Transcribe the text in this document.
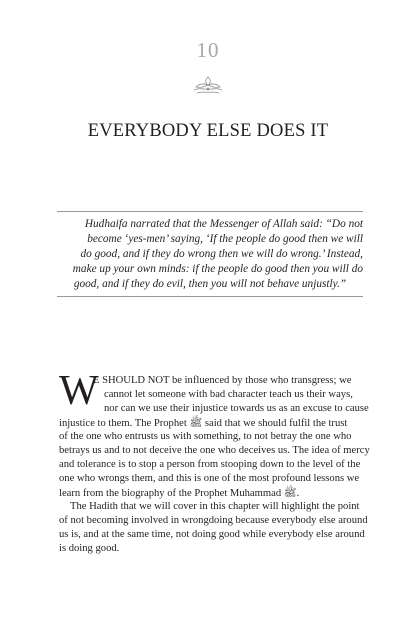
10
EVERYBODY ELSE DOES IT
Hudhaifa narrated that the Messenger of Allah said: “Do not
become ‘yes-men’ saying, ‘If the people do good then we will
do good, and if they do wrong then we will do wrong.’ Instead,
make up your own minds: if the people do good then you will do
good, and if they do evil, then you will not behave unjustly.”
W
E SHOULD NOT be influenced by those who transgress; we
cannot let someone with bad character teach us their ways,
nor can we use their injustice towards us as an excuse to cause
injustice to them. The Prophet ﷺ said that we should fulfil the trust
of the one who entrusts us with something, to not betray the one who
betrays us and to not deceive the one who deceives us. The idea of mercy
and tolerance is to stop a person from stooping down to the level of the
one who wrongs them, and this is one of the most profound lessons we
learn from the biography of the Prophet Muhammad ﷺ.
The Hadith that we will cover in this chapter will highlight the point
of not becoming involved in wrongdoing because everybody else around
us is, and at the same time, not doing good while everybody else around
is doing good.
